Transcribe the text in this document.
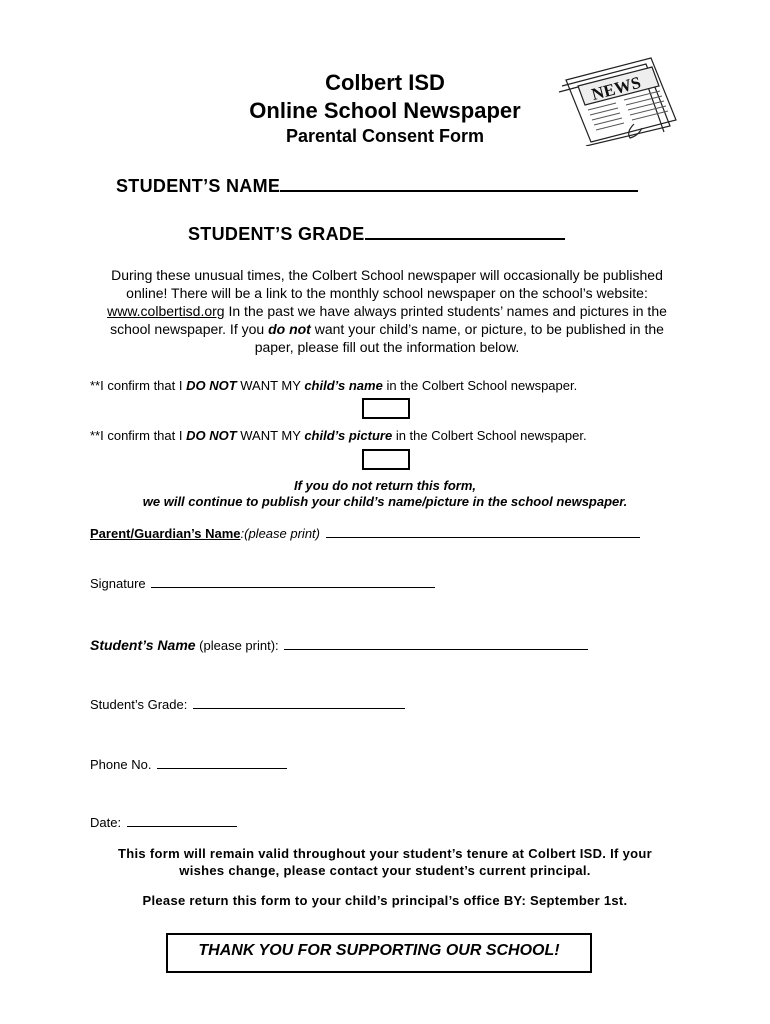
Colbert ISD
Online School Newspaper
Parental Consent Form
NEWS
STUDENT’S NAME
STUDENT’S GRADE
During these unusual times, the Colbert School newspaper will occasionally be published online! There will be a link to the monthly school newspaper on the school’s website: www.colbertisd.org In the past we have always printed students’ names and pictures in the school newspaper. If you do not want your child’s name, or picture, to be published in the paper, please fill out the information below.
**I confirm that I DO NOT WANT MY child’s name in the Colbert School newspaper.
**I confirm that I DO NOT WANT MY child’s picture in the Colbert School newspaper.
If you do not return this form,
we will continue to publish your child’s name/picture in the school newspaper.
Parent/Guardian’s Name:(please print)
Signature
Student’s Name (please print):
Student’s Grade:
Phone No.
Date:
This form will remain valid throughout your student’s tenure at Colbert ISD. If your wishes change, please contact your student’s current principal.
Please return this form to your child’s principal’s office BY: September 1st.
THANK YOU FOR SUPPORTING OUR SCHOOL!
